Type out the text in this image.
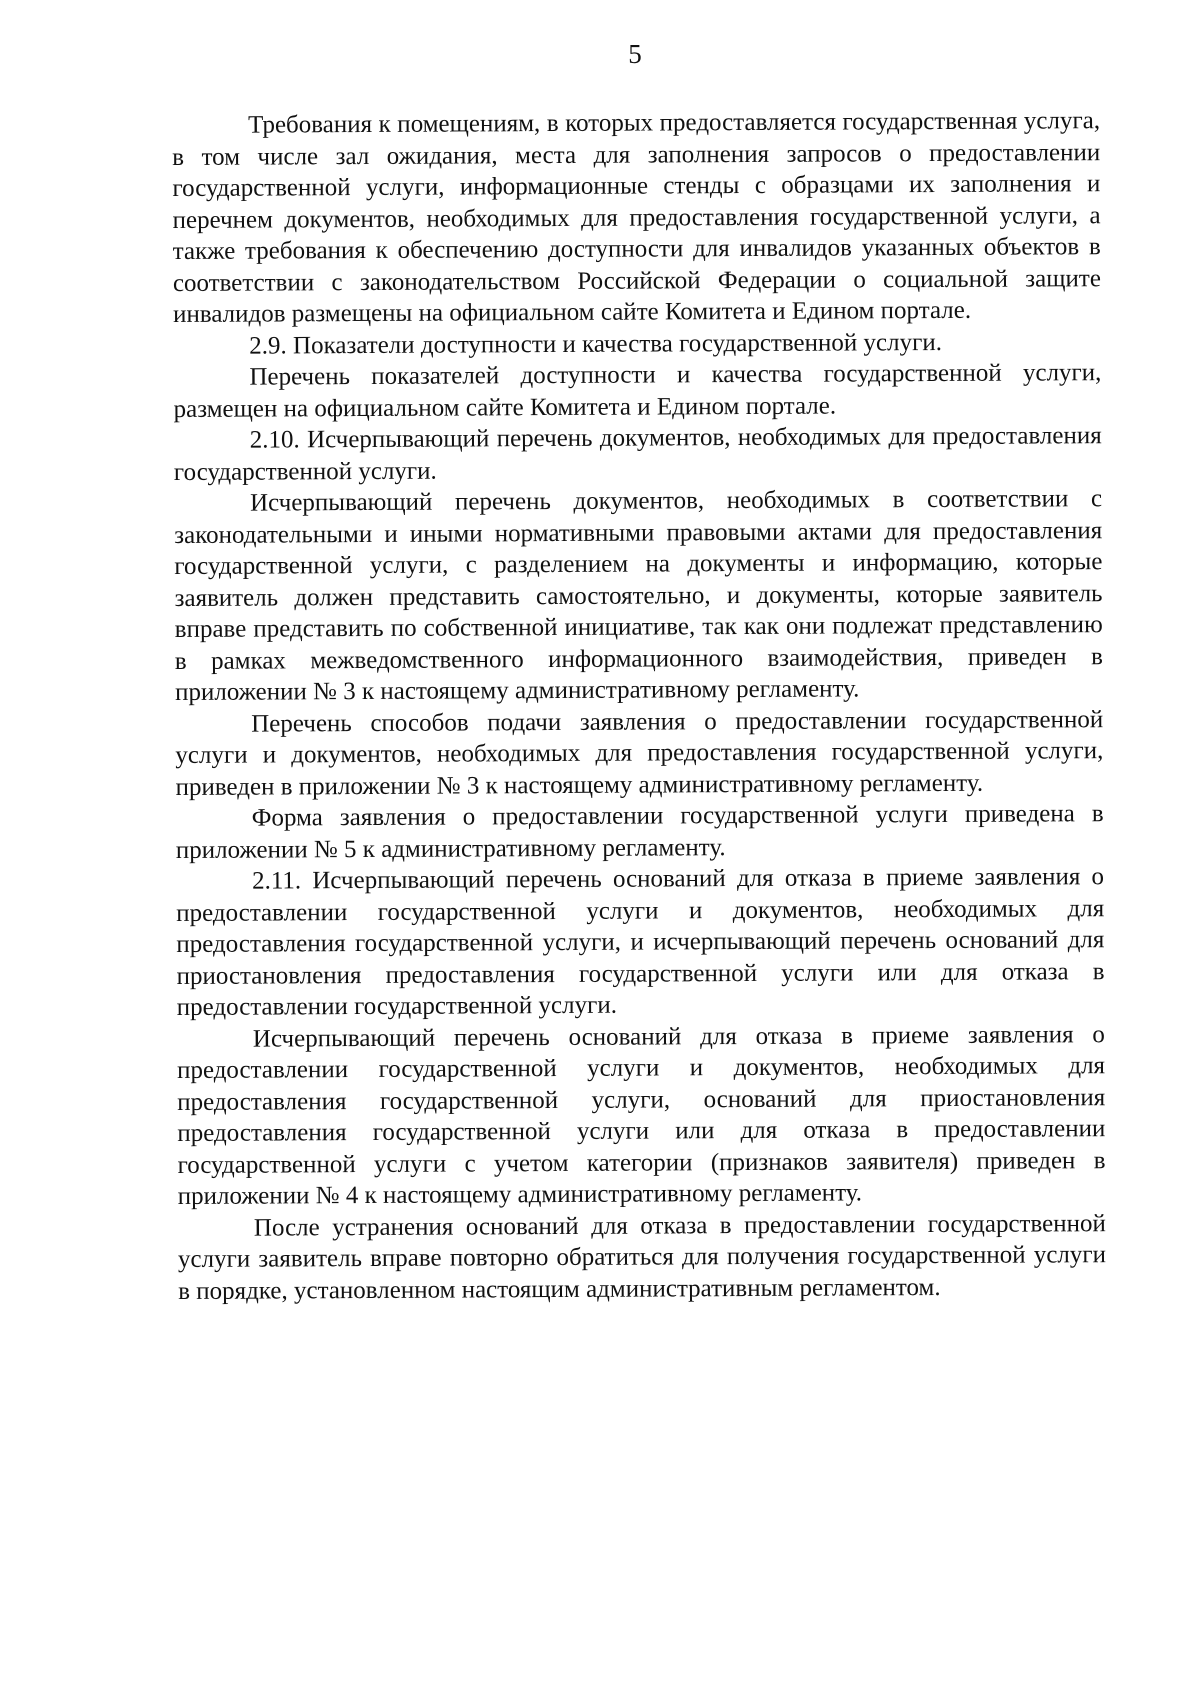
5

Требования к помещениям, в которых предоставляется государственная услуга, в том числе зал ожидания, места для заполнения запросов о предоставлении государственной услуги, информационные стенды с образцами их заполнения и перечнем документов, необходимых для предоставления государственной услуги, а также требования к обеспечению доступности для инвалидов указанных объектов в соответствии с законодательством Российской Федерации о социальной защите инвалидов размещены на официальном сайте Комитета и Едином портале.

2.9. Показатели доступности и качества государственной услуги.

Перечень показателей доступности и качества государственной услуги, размещен на официальном сайте Комитета и Едином портале.

2.10. Исчерпывающий перечень документов, необходимых для предоставления государственной услуги.

Исчерпывающий перечень документов, необходимых в соответствии с законодательными и иными нормативными правовыми актами для предоставления государственной услуги, с разделением на документы и информацию, которые заявитель должен представить самостоятельно, и документы, которые заявитель вправе представить по собственной инициативе, так как они подлежат представлению в рамках межведомственного информационного взаимодействия, приведен в приложении № 3 к настоящему административному регламенту.

Перечень способов подачи заявления о предоставлении государственной услуги и документов, необходимых для предоставления государственной услуги, приведен в приложении № 3 к настоящему административному регламенту.

Форма заявления о предоставлении государственной услуги приведена в приложении № 5 к административному регламенту.

2.11. Исчерпывающий перечень оснований для отказа в приеме заявления о предоставлении государственной услуги и документов, необходимых для предоставления государственной услуги, и исчерпывающий перечень оснований для приостановления предоставления государственной услуги или для отказа в предоставлении государственной услуги.

Исчерпывающий перечень оснований для отказа в приеме заявления о предоставлении государственной услуги и документов, необходимых для предоставления государственной услуги, оснований для приостановления предоставления государственной услуги или для отказа в предоставлении государственной услуги с учетом категории (признаков заявителя) приведен в приложении № 4 к настоящему административному регламенту.

После устранения оснований для отказа в предоставлении государственной услуги заявитель вправе повторно обратиться для получения государственной услуги в порядке, установленном настоящим административным регламентом.
